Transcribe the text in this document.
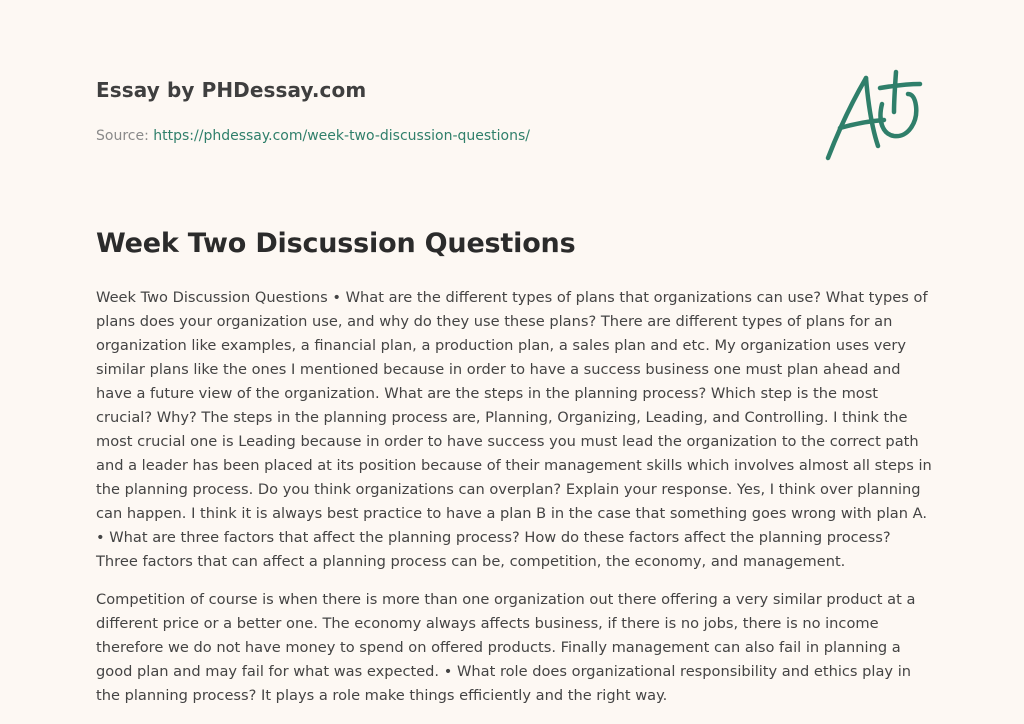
Essay by PHDessay.com
Source: https://phdessay.com/week-two-discussion-questions/
Week Two Discussion Questions

Week Two Discussion Questions • What are the different types of plans that organizations can use? What types of plans does your organization use, and why do they use these plans? There are different types of plans for an organization like examples, a financial plan, a production plan, a sales plan and etc. My organization uses very similar plans like the ones I mentioned because in order to have a success business one must plan ahead and have a future view of the organization. What are the steps in the planning process? Which step is the most crucial? Why? The steps in the planning process are, Planning, Organizing, Leading, and Controlling. I think the most crucial one is Leading because in order to have success you must lead the organization to the correct path and a leader has been placed at its position because of their management skills which involves almost all steps in the planning process. Do you think organizations can overplan? Explain your response. Yes, I think over planning can happen. I think it is always best practice to have a plan B in the case that something goes wrong with plan A. • What are three factors that affect the planning process? How do these factors affect the planning process? Three factors that can affect a planning process can be, competition, the economy, and management.

Competition of course is when there is more than one organization out there offering a very similar product at a different price or a better one. The economy always affects business, if there is no jobs, there is no income therefore we do not have money to spend on offered products. Finally management can also fail in planning a good plan and may fail for what was expected. • What role does organizational responsibility and ethics play in the planning process? It plays a role make things efficiently and the right way.
